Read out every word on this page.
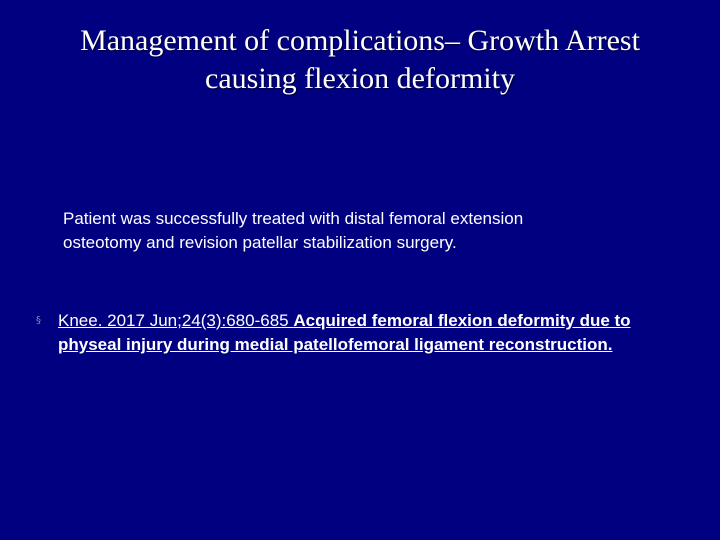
Management of complications– Growth Arrest
causing flexion deformity

Patient was successfully treated with distal femoral extension
osteotomy and revision patellar stabilization surgery.

§	Knee. 2017 Jun;24(3):680-685 Acquired femoral flexion deformity due to physeal injury during medial patellofemoral ligament reconstruction.
